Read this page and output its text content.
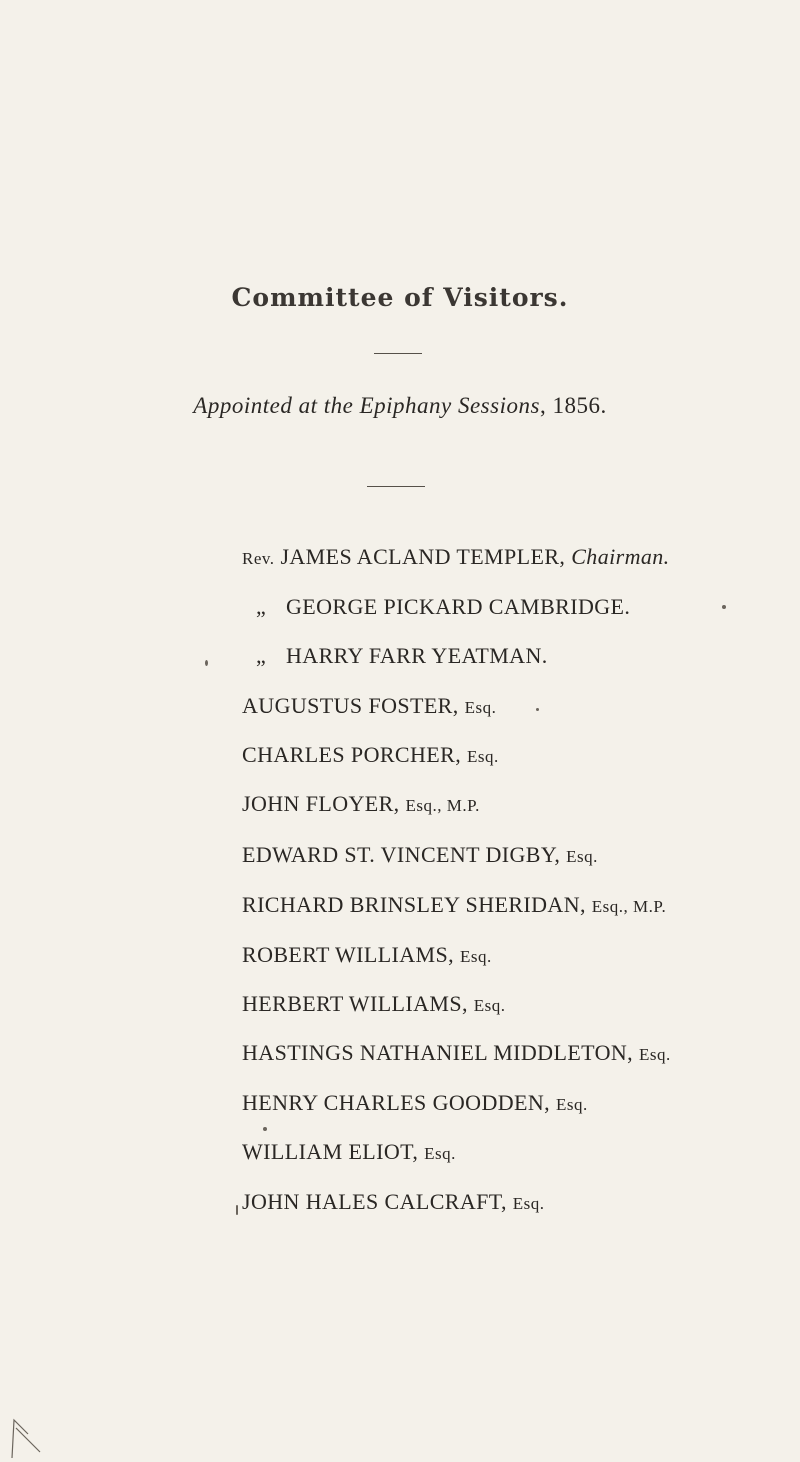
Committee of Visitors.
Appointed at the Epiphany Sessions, 1856.
Rev. JAMES ACLAND TEMPLER, Chairman.
„ GEORGE PICKARD CAMBRIDGE.
„ HARRY FARR YEATMAN.
AUGUSTUS FOSTER, Esq.
CHARLES PORCHER, Esq.
JOHN FLOYER, Esq., M.P.
EDWARD ST. VINCENT DIGBY, Esq.
RICHARD BRINSLEY SHERIDAN, Esq., M.P.
ROBERT WILLIAMS, Esq.
HERBERT WILLIAMS, Esq.
HASTINGS NATHANIEL MIDDLETON, Esq.
HENRY CHARLES GOODDEN, Esq.
WILLIAM ELIOT, Esq.
JOHN HALES CALCRAFT, Esq.
